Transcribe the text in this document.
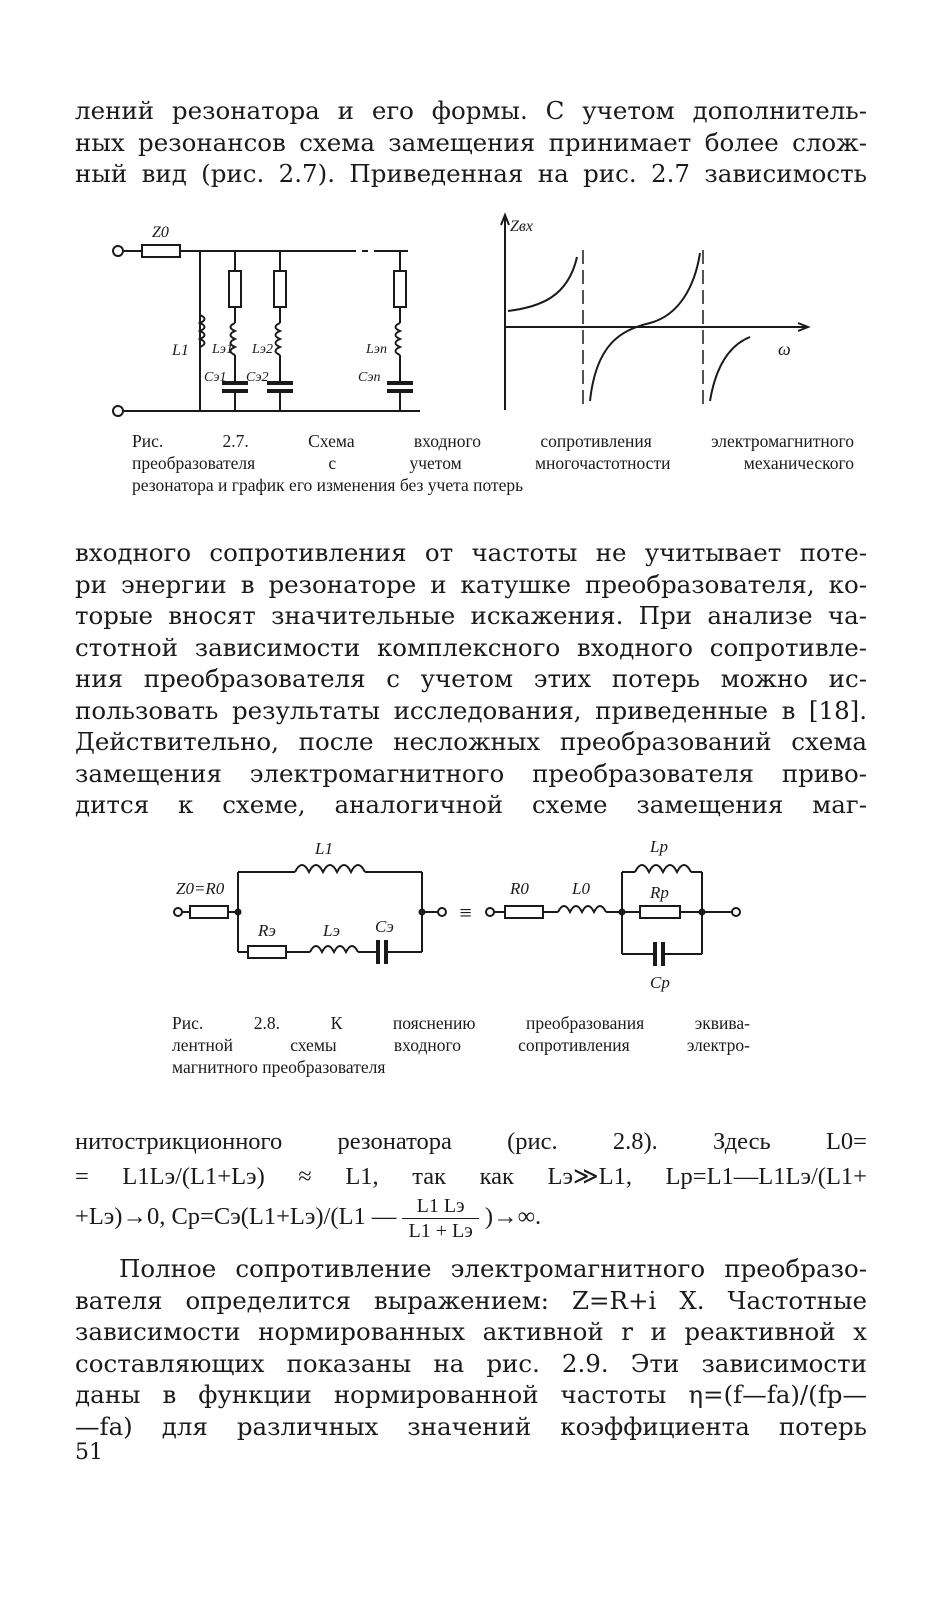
лений резонатора и его формы. С учетом дополнитель-
ных резонансов схема замещения принимает более слож-
ный вид (рис. 2.7). Приведенная на рис. 2.7 зависимость
Z0
L1 Lэ1
Cэ1
Lэ2
Cэ2
Lэn
Cэn
Zвх
ω
Рис. 2.7. Схема входного сопротивления электромагнитного
преобразователя с учетом многочастотности механического
резонатора и график его изменения без учета потерь
входного сопротивления от частоты не учитывает поте-
ри энергии в резонаторе и катушке преобразователя, ко-
торые вносят значительные искажения. При анализе ча-
стотной зависимости комплексного входного сопротивле-
ния преобразователя с учетом этих потерь можно ис-
пользовать результаты исследования, приведенные в [18].
Действительно, после несложных преобразований схема
замещения электромагнитного преобразователя приво-
дится к схеме, аналогичной схеме замещения маг-
Z0=R0
L1
Rэ	Lэ Cэ
≡
R0	L0
Lp
Rp
Cp
Рис. 2.8. К пояснению преобразования эквива-
лентной схемы входного сопротивления электро-
магнитного преобразователя
нитострикционного резонатора (рис. 2.8). Здесь L0=
= L1Lэ/(L1+Lэ) ≈ L1, так как Lэ≫L1, Lp=L1—L1Lэ/(L1+
+Lэ)→0, Cp=Cэ(L1+Lэ)/(L1 — $\frac{L1 Lэ}{L1 + Lэ}$ )→∞.
Полное сопротивление электромагнитного преобразо-
вателя определится выражением: Z=R+i X. Частотные
зависимости нормированных активной r и реактивной x
составляющих показаны на рис. 2.9. Эти зависимости
даны в функции нормированной частоты η=(f—fa)/(fp—
—fa) для различных значений коэффициента потерь
51
